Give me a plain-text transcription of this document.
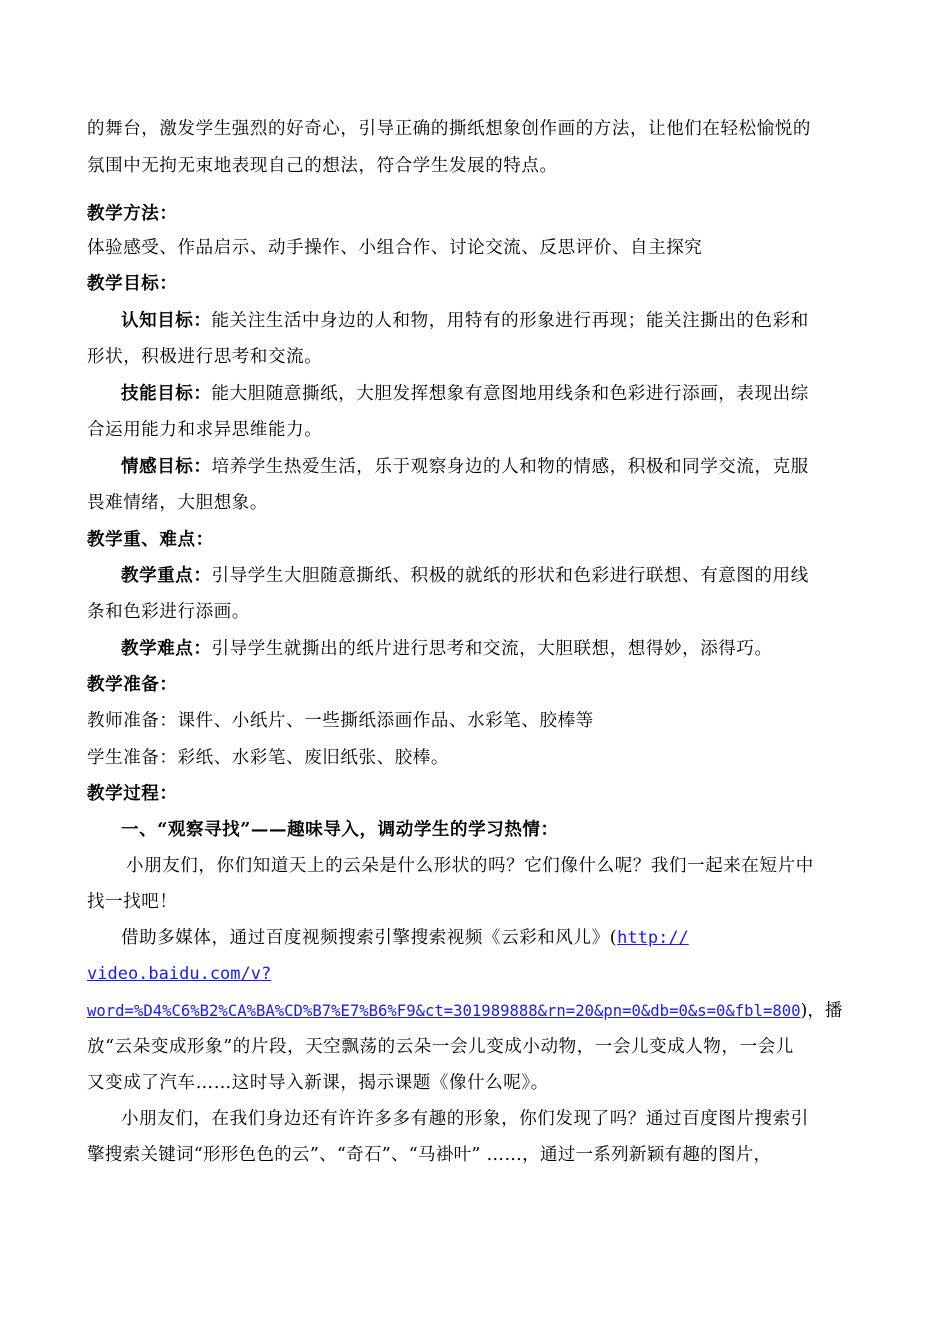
的舞台，激发学生强烈的好奇心，引导正确的撕纸想象创作画的方法，让他们在轻松愉悦的
氛围中无拘无束地表现自己的想法，符合学生发展的特点。
教学方法：
体验感受、作品启示、动手操作、小组合作、讨论交流、反思评价、自主探究
教学目标：
认知目标：能关注生活中身边的人和物，用特有的形象进行再现；能关注撕出的色彩和
形状，积极进行思考和交流。
技能目标：能大胆随意撕纸，大胆发挥想象有意图地用线条和色彩进行添画，表现出综
合运用能力和求异思维能力。
情感目标：培养学生热爱生活，乐于观察身边的人和物的情感，积极和同学交流，克服
畏难情绪，大胆想象。
教学重、难点：
教学重点：引导学生大胆随意撕纸、积极的就纸的形状和色彩进行联想、有意图的用线
条和色彩进行添画。
教学难点：引导学生就撕出的纸片进行思考和交流，大胆联想，想得妙，添得巧。
教学准备：
教师准备：课件、小纸片、一些撕纸添画作品、水彩笔、胶棒等
学生准备：彩纸、水彩笔、废旧纸张、胶棒。
教学过程：
一、“观察寻找”——趣味导入，调动学生的学习热情：
小朋友们，你们知道天上的云朵是什么形状的吗？它们像什么呢？我们一起来在短片中
找一找吧！
借助多媒体，通过百度视频搜索引擎搜索视频《云彩和风儿》(http://
video.baidu.com/v?
word=%D4%C6%B2%CA%BA%CD%B7%E7%B6%F9&ct=301989888&rn=20&pn=0&db=0&s=0&fbl=800)，播
放“云朵变成形象”的片段，天空飘荡的云朵一会儿变成小动物，一会儿变成人物，一会儿
又变成了汽车……这时导入新课，揭示课题《像什么呢》。
小朋友们，在我们身边还有许许多多有趣的形象，你们发现了吗？通过百度图片搜索引
擎搜索关键词“形形色色的云”、“奇石”、“马褂叶” ……，通过一系列新颖有趣的图片，
